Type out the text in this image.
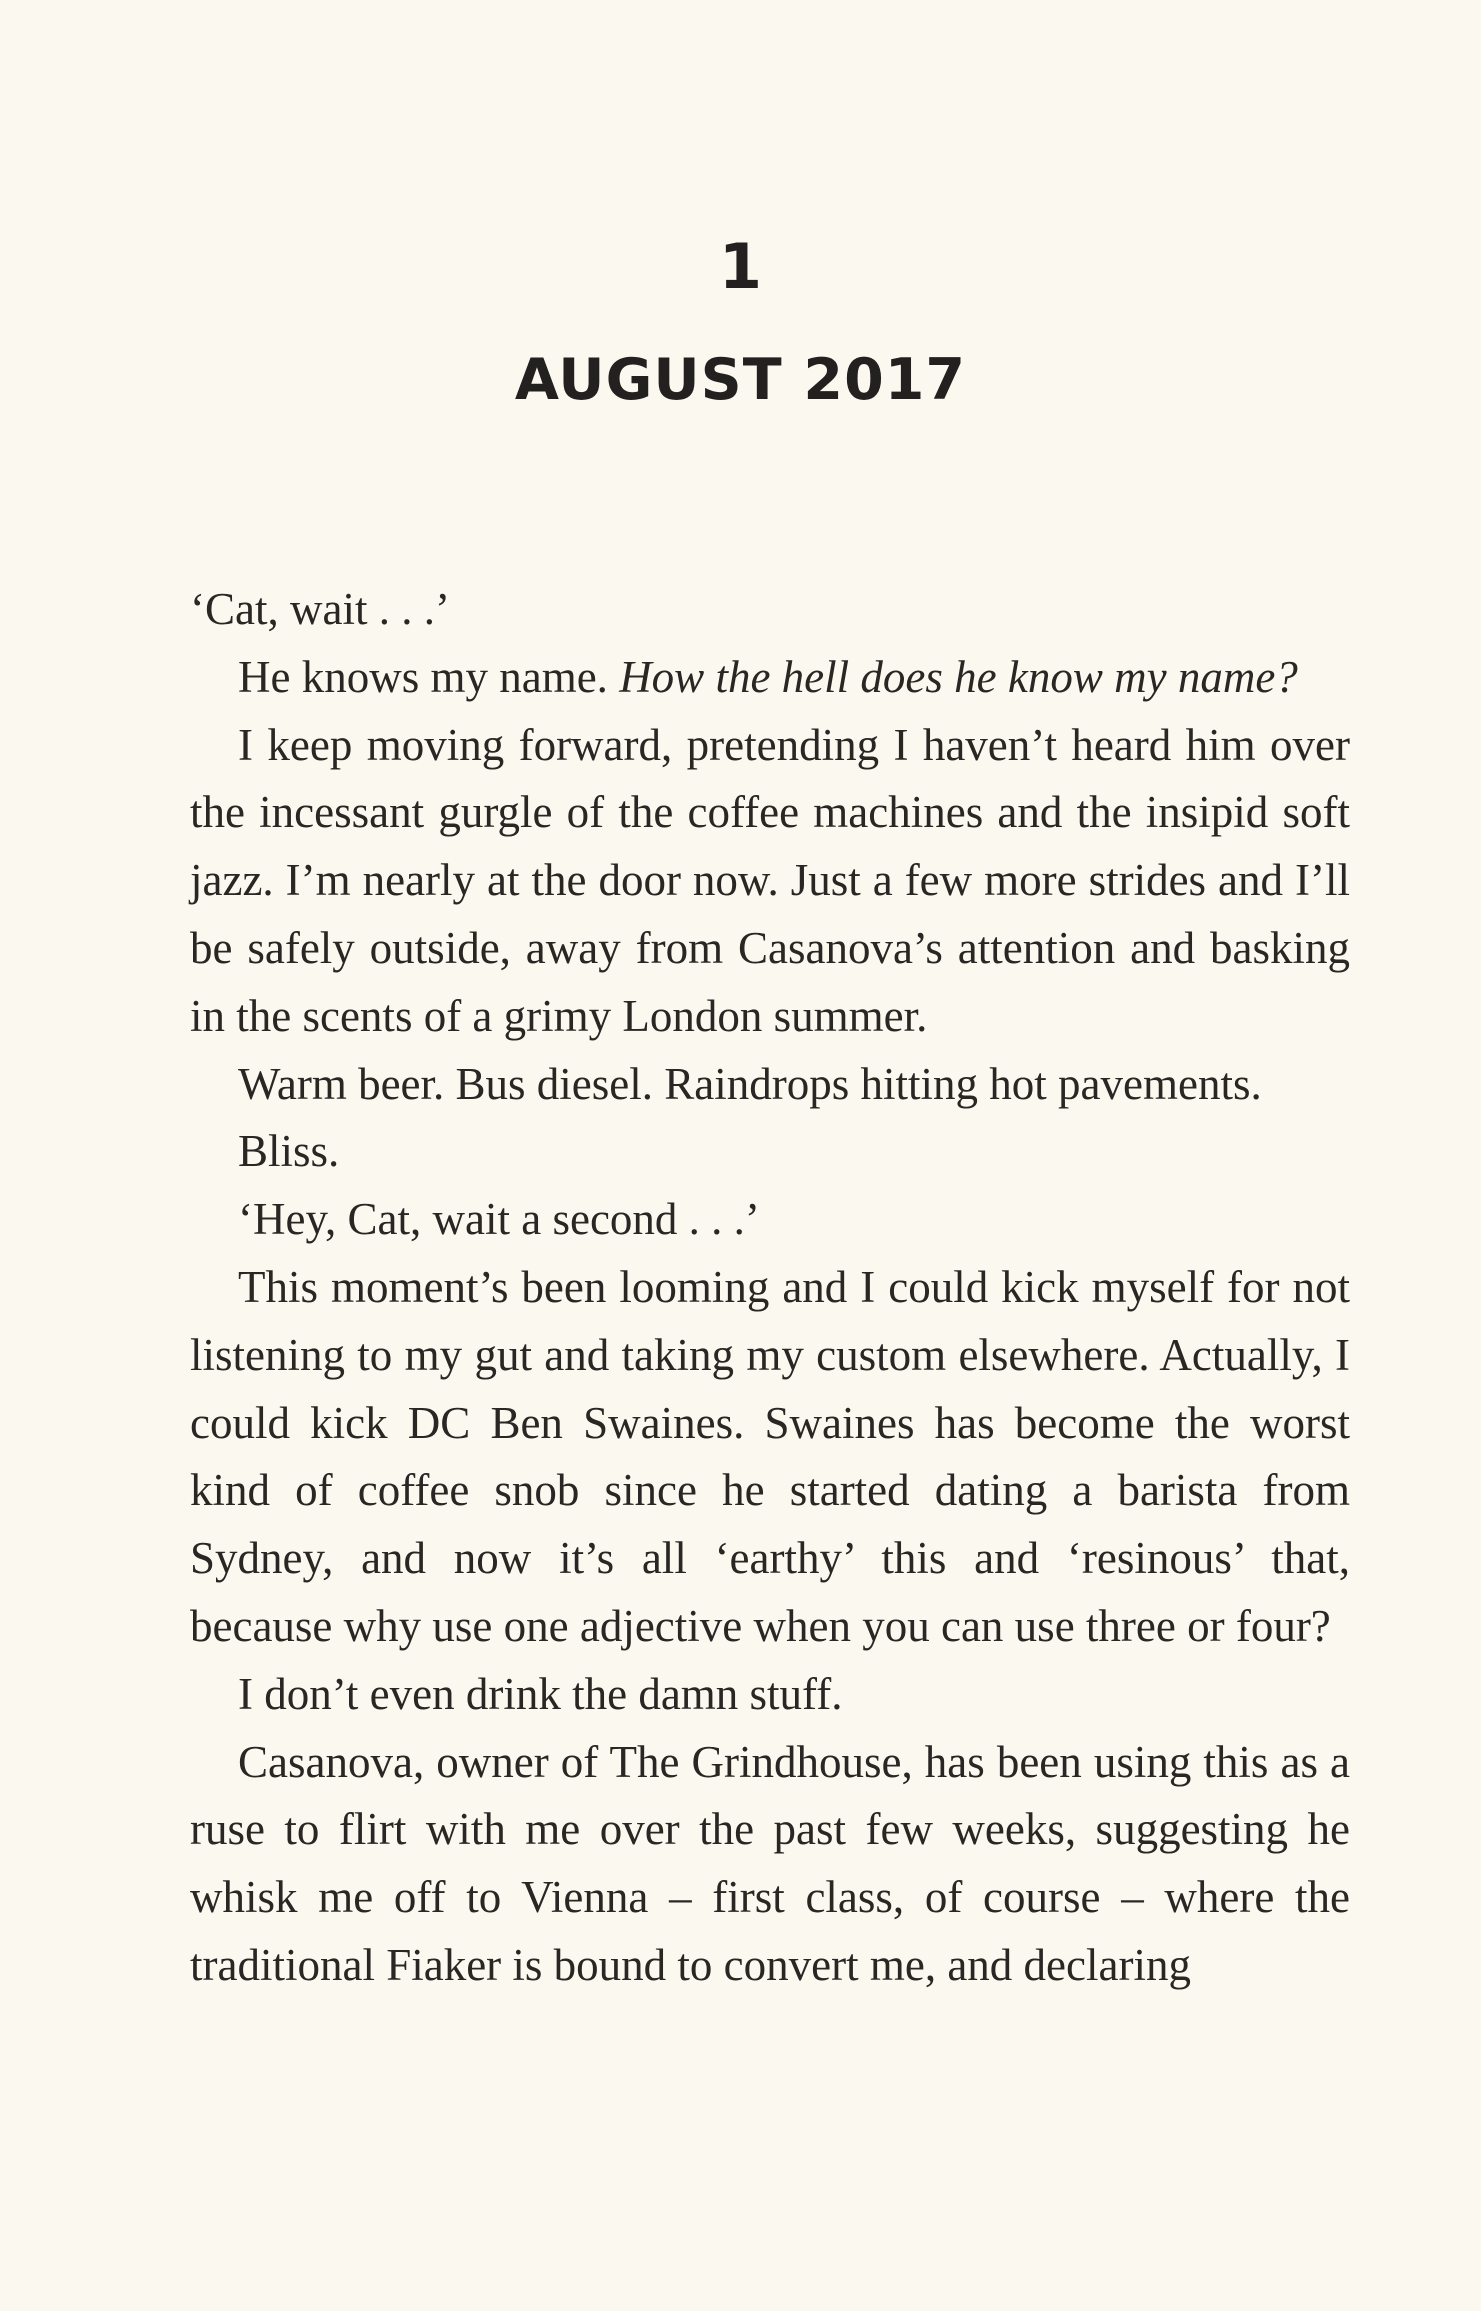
1
AUGUST 2017

‘Cat, wait . . .’

He knows my name. How the hell does he know my name?

I keep moving forward, pretending I haven’t heard him over the incessant gurgle of the coffee machines and the insipid soft jazz. I’m nearly at the door now. Just a few more strides and I’ll be safely outside, away from Casanova’s attention and basking in the scents of a grimy London summer.

Warm beer. Bus diesel. Raindrops hitting hot pavements.

Bliss.

‘Hey, Cat, wait a second . . .’

This moment’s been looming and I could kick myself for not listening to my gut and taking my custom elsewhere. Actually, I could kick DC Ben Swaines. Swaines has become the worst kind of coffee snob since he started dating a barista from Sydney, and now it’s all ‘earthy’ this and ‘resinous’ that, because why use one adjective when you can use three or four?

I don’t even drink the damn stuff.

Casanova, owner of The Grindhouse, has been using this as a ruse to flirt with me over the past few weeks, suggesting he whisk me off to Vienna – first class, of course – where the traditional Fiaker is bound to convert me, and declaring
